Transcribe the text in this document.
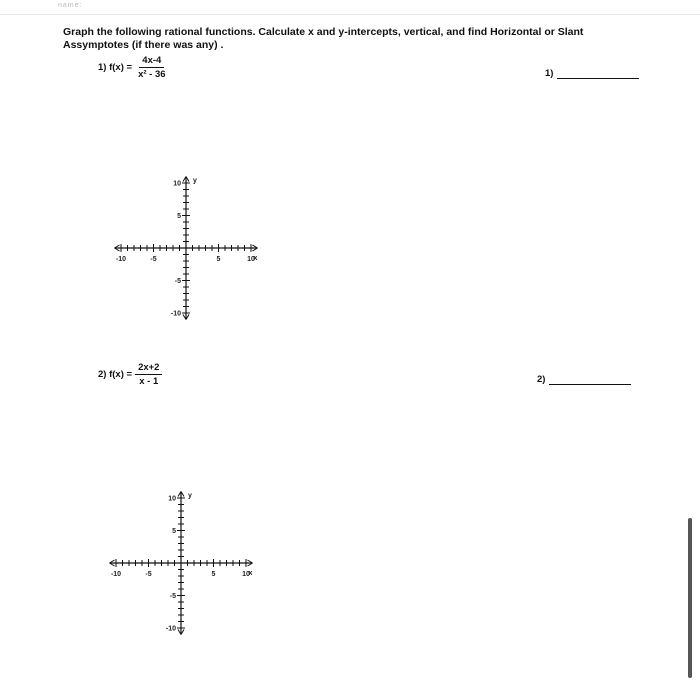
name:
Graph the following rational functions. Calculate x and y-intercepts, vertical, and find Horizontal or Slant Assymptotes (if there was any) .
1) $f(x) = \frac{4x-4}{\text{x² - 36}}$	1)
-10	-5	5	10
10
5
-5
-10
x
y
2) $f(x) = \frac{2x+2}{x - 1}$	2)
-10	-5	5	10
10
5
-5
-10
x
y
